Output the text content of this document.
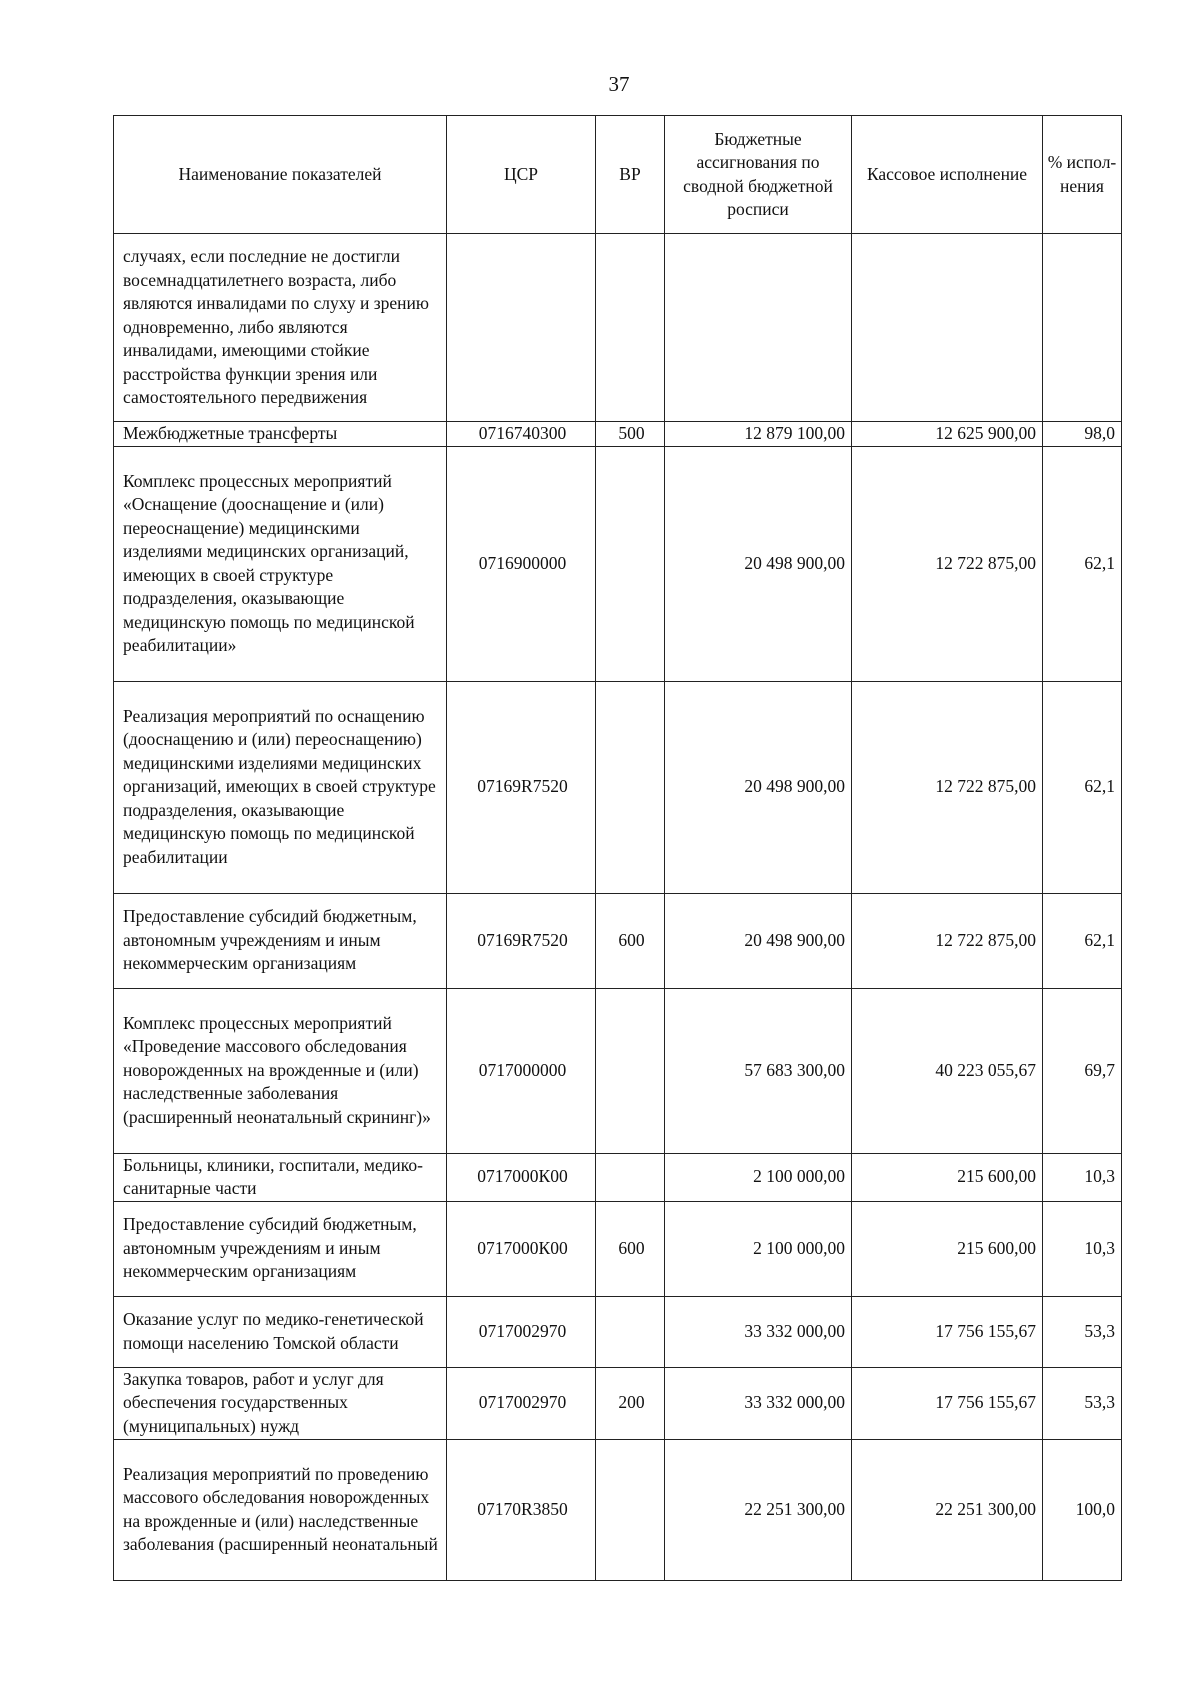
37
Наименование показателей	ЦСР	ВР	Бюджетные ассигнования по сводной бюджетной росписи	Кассовое исполнение	% испол-нения
случаях, если последние не достигли восемнадцатилетнего возраста, либо являются инвалидами по слуху и зрению одновременно, либо являются инвалидами, имеющими стойкие расстройства функции зрения или самостоятельного передвижения					
Межбюджетные трансферты	0716740300	500	12 879 100,00	12 625 900,00	98,0
Комплекс процессных мероприятий «Оснащение (дооснащение и (или) переоснащение) медицинскими изделиями медицинских организаций, имеющих в своей структуре подразделения, оказывающие медицинскую помощь по медицинской реабилитации»	0716900000		20 498 900,00	12 722 875,00	62,1
Реализация мероприятий по оснащению (дооснащению и (или) переоснащению) медицинскими изделиями медицинских организаций, имеющих в своей структуре подразделения, оказывающие медицинскую помощь по медицинской реабилитации	07169R7520		20 498 900,00	12 722 875,00	62,1
Предоставление субсидий бюджетным, автономным учреждениям и иным некоммерческим организациям	07169R7520	600	20 498 900,00	12 722 875,00	62,1
Комплекс процессных мероприятий «Проведение массового обследования новорожденных на врожденные и (или) наследственные заболевания (расширенный неонатальный скрининг)»	0717000000		57 683 300,00	40 223 055,67	69,7
Больницы, клиники, госпитали, медико-санитарные части	0717000К00		2 100 000,00	215 600,00	10,3
Предоставление субсидий бюджетным, автономным учреждениям и иным некоммерческим организациям	0717000К00	600	2 100 000,00	215 600,00	10,3
Оказание услуг по медико-генетической помощи населению Томской области	0717002970		33 332 000,00	17 756 155,67	53,3
Закупка товаров, работ и услуг для обеспечения государственных (муниципальных) нужд	0717002970	200	33 332 000,00	17 756 155,67	53,3
Реализация мероприятий по проведению массового обследования новорожденных на врожденные и (или) наследственные заболевания (расширенный неонатальный	07170R3850		22 251 300,00	22 251 300,00	100,0
